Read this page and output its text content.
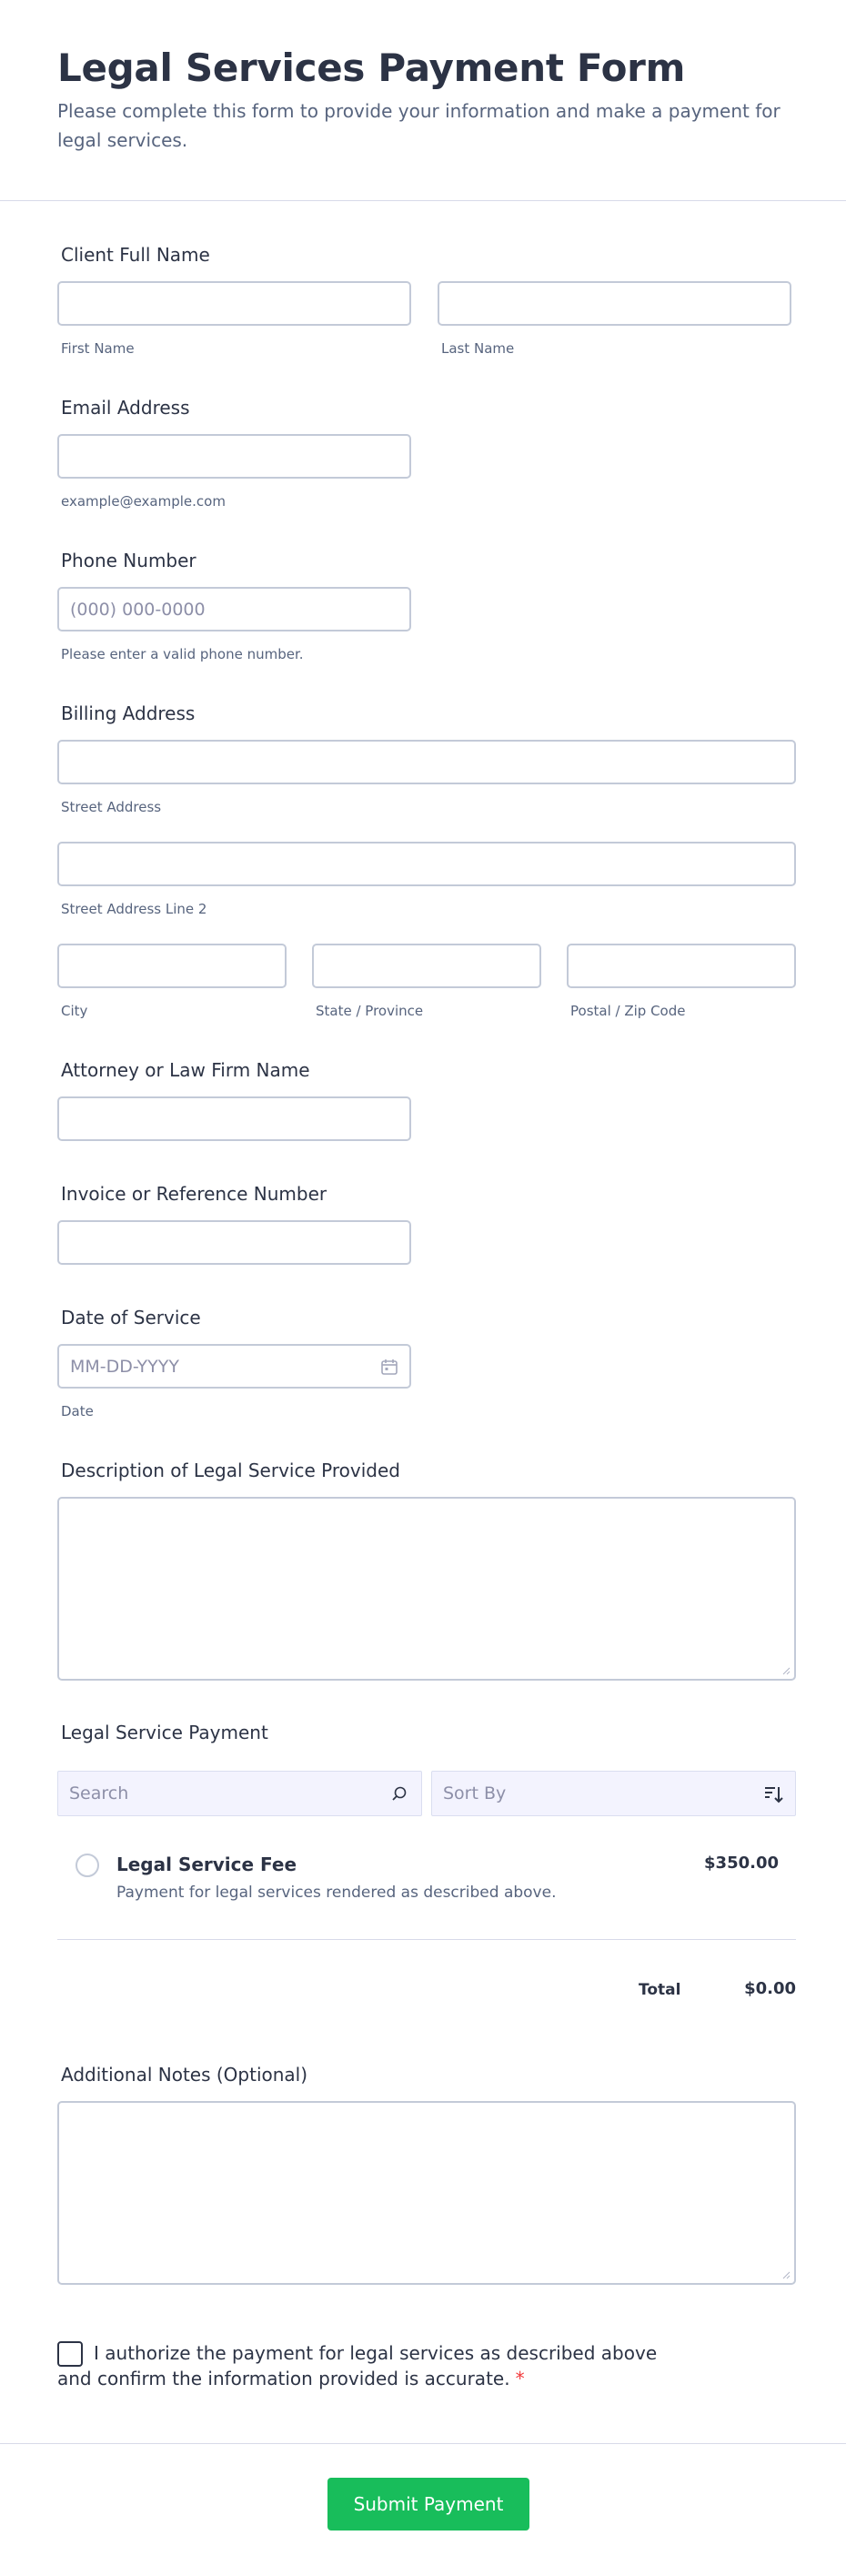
Legal Services Payment Form
Please complete this form to provide your information and make a payment for legal services.
Client Full Name
First Name	Last Name
Email Address
example@example.com
Phone Number
(000) 000-0000
Please enter a valid phone number.
Billing Address
Street Address
Street Address Line 2
City	State / Province	Postal / Zip Code
Attorney or Law Firm Name
Invoice or Reference Number
Date of Service
MM-DD-YYYY
Date
Description of Legal Service Provided
Legal Service Payment
Search	Sort By
Legal Service Fee
Payment for legal services rendered as described above.
$350.00
Total	$0.00
Additional Notes (Optional)
I authorize the payment for legal services as described above and confirm the information provided is accurate. *
Submit Payment
